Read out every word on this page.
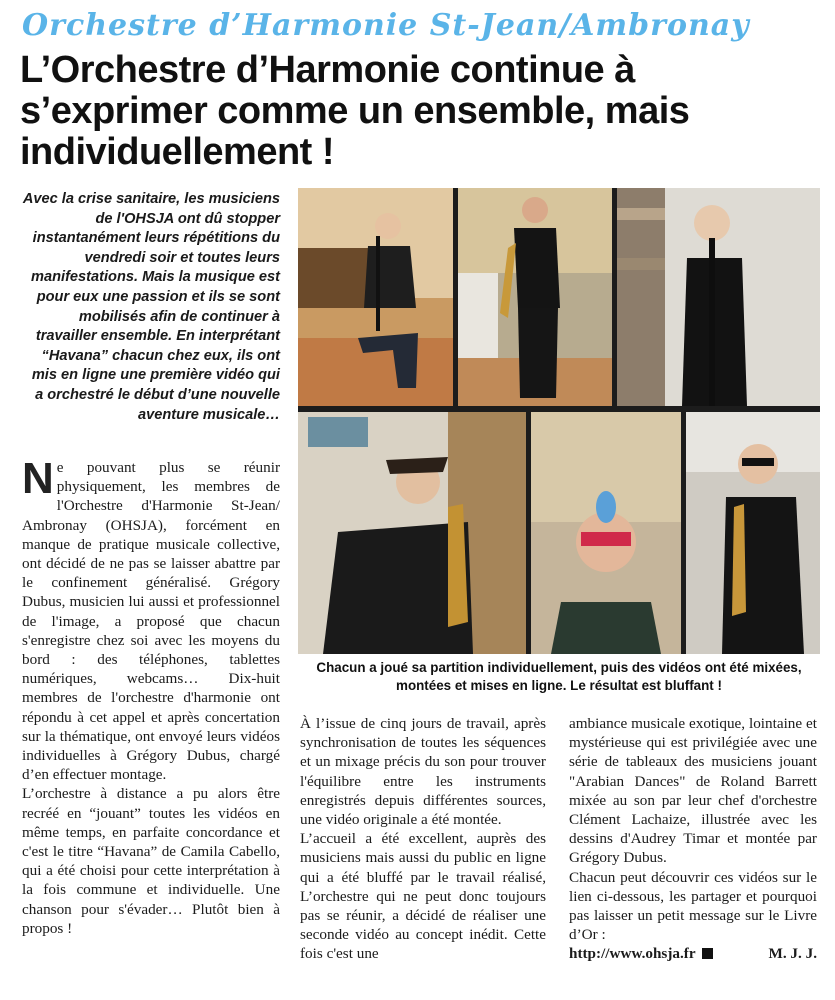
Orchestre d’Harmonie St-Jean/Ambronay
L’Orchestre d’Harmonie continue à s’exprimer comme un ensemble, mais individuellement !

Avec la crise sanitaire, les musiciens de l'OHSJA ont dû stopper instantanément leurs répétitions du vendredi soir et toutes leurs manifestations. Mais la musique est pour eux une passion et ils se sont mobilisés afin de continuer à travailler ensemble. En interprétant “Havana” chacun chez eux, ils ont mis en ligne une première vidéo qui a orchestré le début d’une nouvelle aventure musicale…

Ne pouvant plus se réunir physiquement, les membres de l'Orchestre d'Harmonie St-Jean/ Ambronay (OHSJA), forcément en manque de pratique musicale collective, ont décidé de ne pas se laisser abattre par le confinement généralisé. Grégory Dubus, musicien lui aussi et professionnel de l'image, a proposé que chacun s'enregistre chez soi avec les moyens du bord : des téléphones, tablettes numériques, webcams… Dix-huit membres de l'orchestre d'harmonie ont répondu à cet appel et après concertation sur la thématique, ont envoyé leurs vidéos individuelles à Grégory Dubus, chargé d’en effectuer montage.

L’orchestre à distance a pu alors être recréé en “jouant” toutes les vidéos en même temps, en parfaite concordance et c'est le titre “Havana” de Camila Cabello, qui a été choisi pour cette interprétation à la fois commune et individuelle. Une chanson pour s'évader… Plutôt bien à propos !

Chacun a joué sa partition individuellement, puis des vidéos ont été mixées, montées et mises en ligne. Le résultat est bluffant !

À l’issue de cinq jours de travail, après synchronisation de toutes les séquences et un mixage précis du son pour trouver l'équilibre entre les instruments enregistrés depuis différentes sources, une vidéo originale a été montée.

L’accueil a été excellent, auprès des musiciens mais aussi du public en ligne qui a été bluffé par le travail réalisé, L’orchestre qui ne peut donc toujours pas se réunir, a décidé de réaliser une seconde vidéo au concept inédit. Cette fois c'est une

ambiance musicale exotique, lointaine et mystérieuse qui est privilégiée avec une série de tableaux des musiciens jouant "Arabian Dances" de Roland Barrett mixée au son par leur chef d'orchestre Clément Lachaize, illustrée avec les dessins d'Audrey Timar et montée par Grégory Dubus.

Chacun peut découvrir ces vidéos sur le lien ci-dessous, les partager et pourquoi pas laisser un petit message sur le Livre d’Or :

http://www.ohsja.fr	M. J. J.
